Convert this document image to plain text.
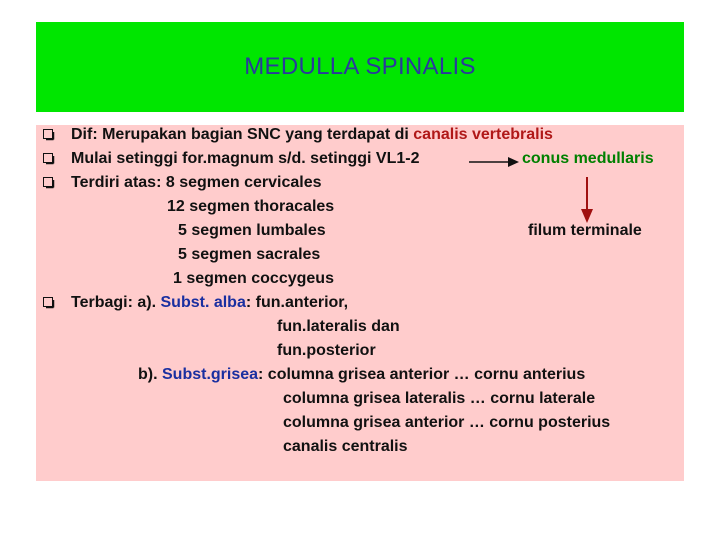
MEDULLA SPINALIS
Dif: Merupakan bagian SNC yang terdapat di canalis vertebralis
Mulai setinggi for.magnum s/d. setinggi VL1-2	conus medullaris
Terdiri atas: 8 segmen cervicales
12 segmen thoracales
5 segmen lumbales	filum terminale
5 segmen sacrales
1 segmen coccygeus
Terbagi: a). Subst. alba: fun.anterior,
fun.lateralis dan
fun.posterior
b). Subst.grisea: columna grisea anterior … cornu anterius
columna grisea lateralis … cornu laterale
columna grisea anterior … cornu posterius
canalis centralis
